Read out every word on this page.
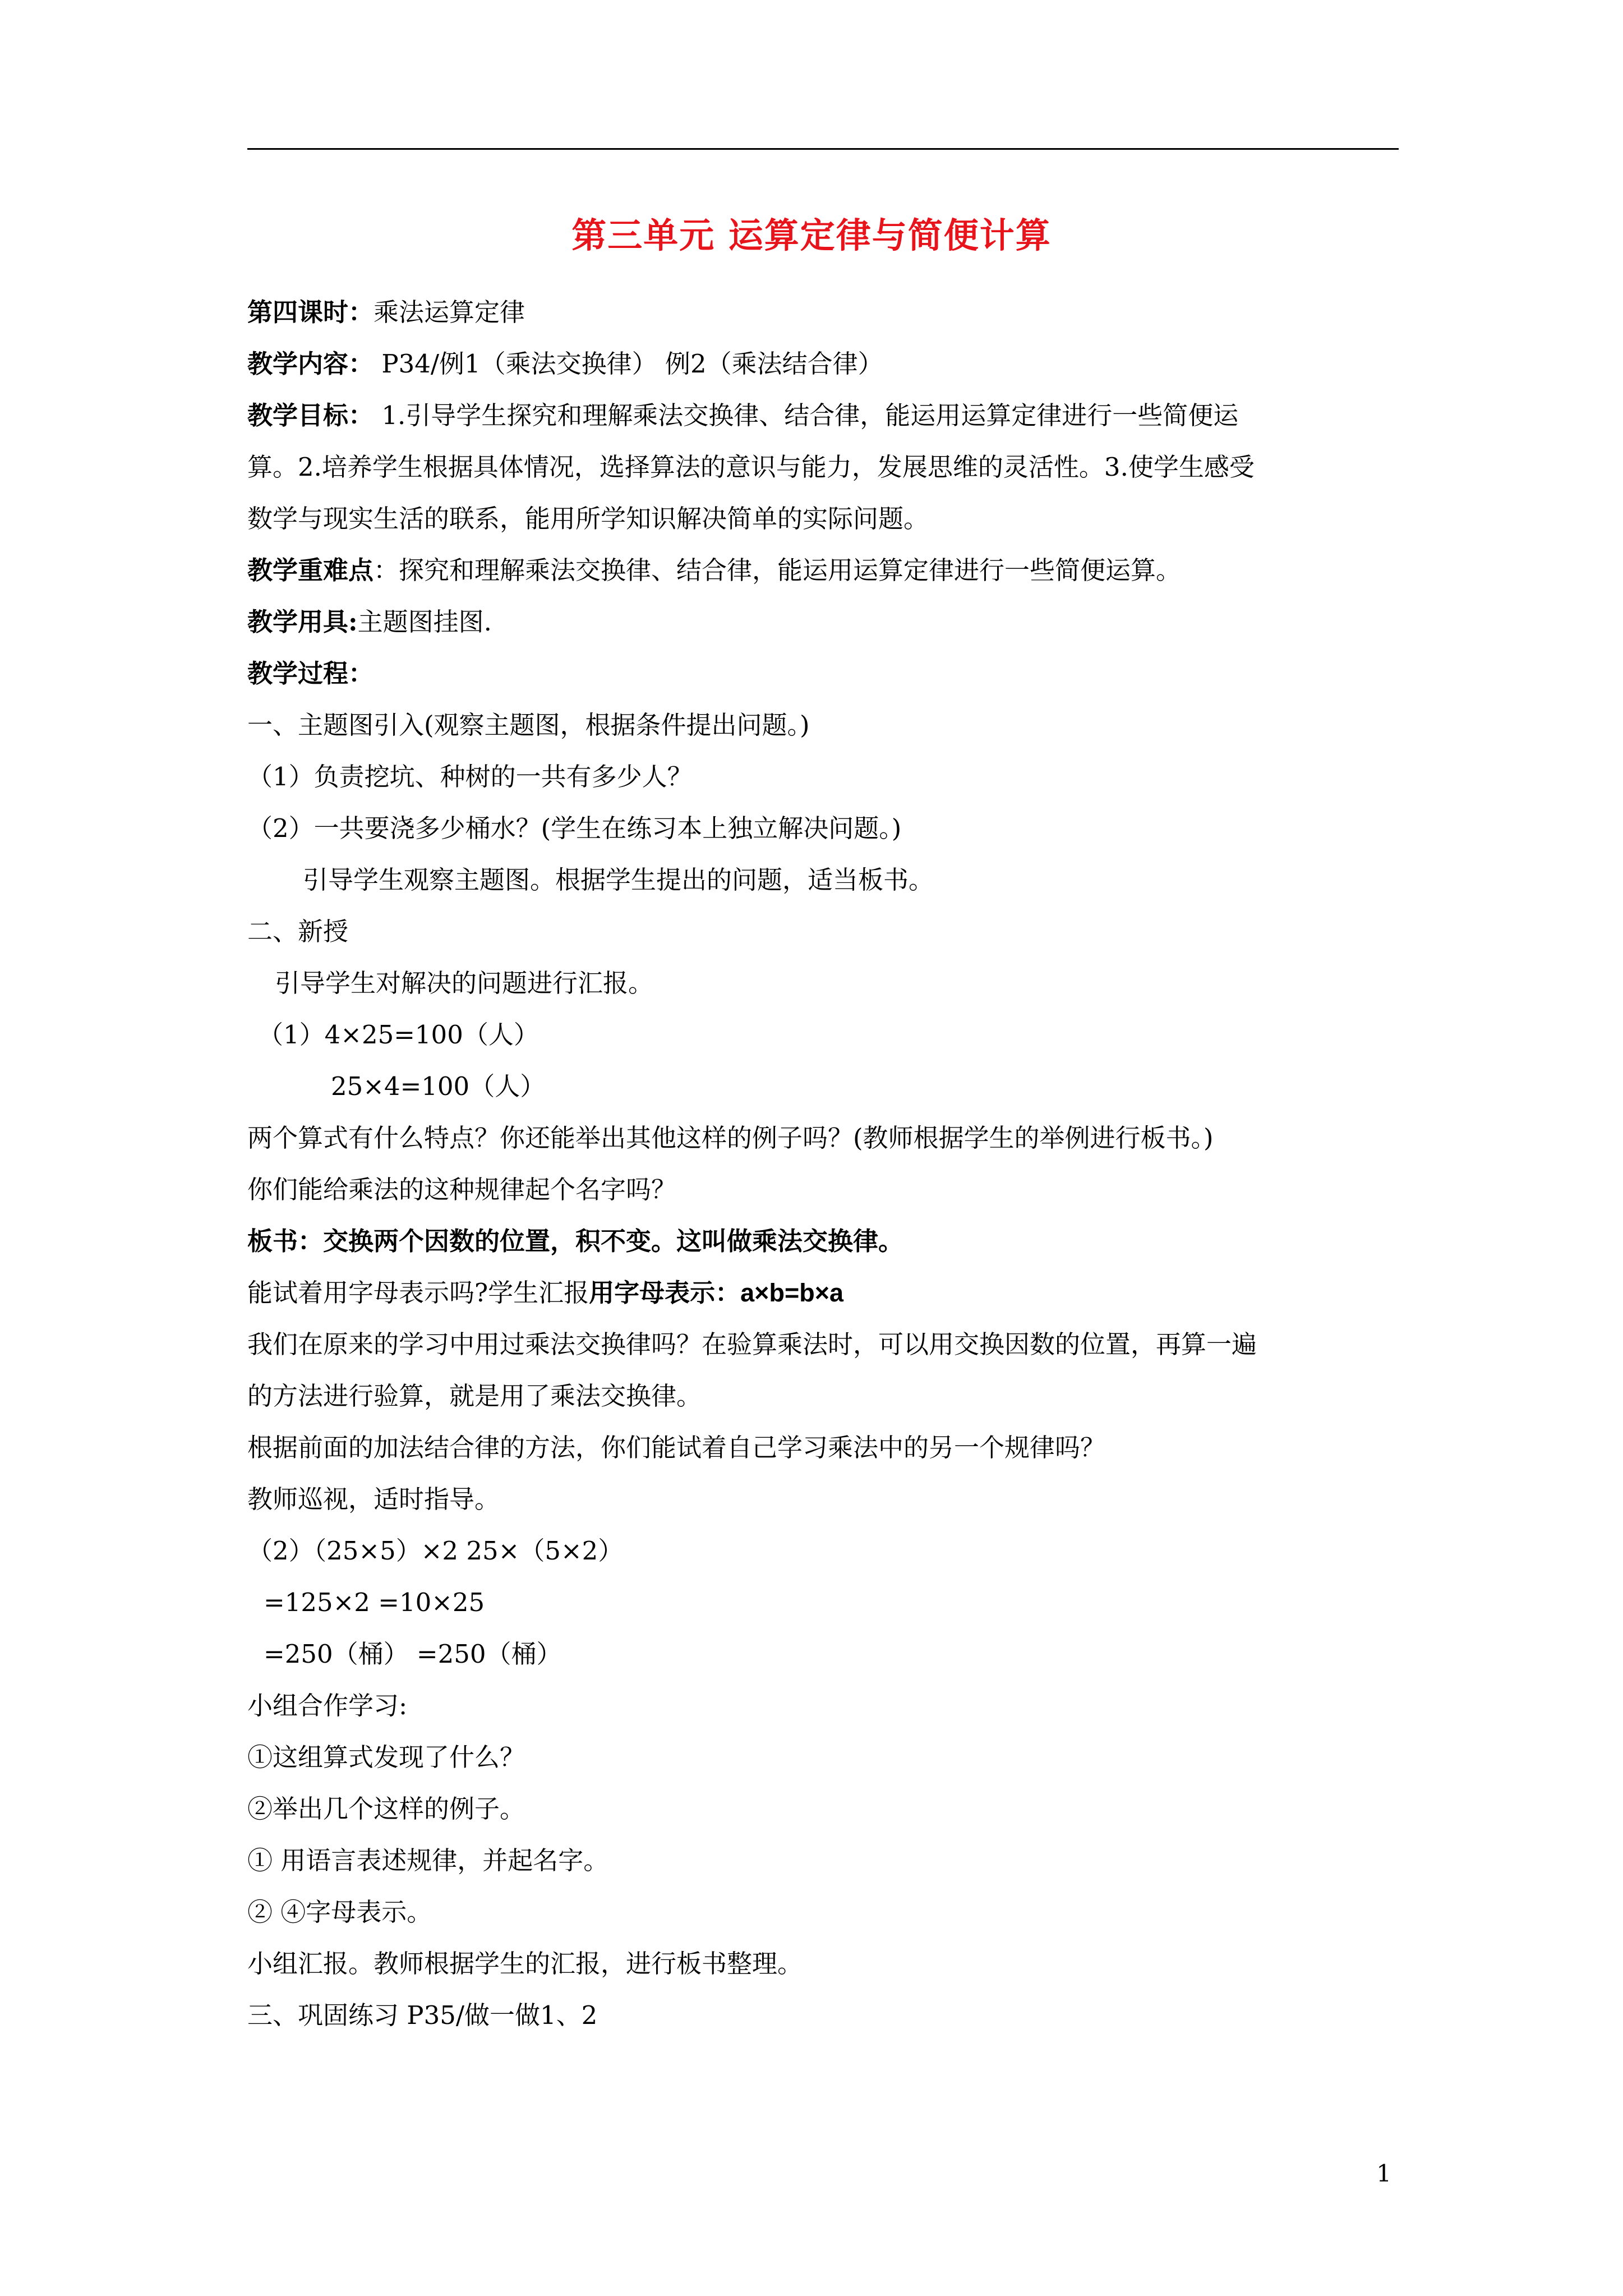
第三单元 运算定律与简便计算
第四课时：乘法运算定律
教学内容： P34/例1（乘法交换律） 例2（乘法结合律）
教学目标： 1.引导学生探究和理解乘法交换律、结合律，能运用运算定律进行一些简便运
算。2.培养学生根据具体情况，选择算法的意识与能力，发展思维的灵活性。3.使学生感受
数学与现实生活的联系，能用所学知识解决简单的实际问题。
教学重难点：探究和理解乘法交换律、结合律，能运用运算定律进行一些简便运算。
教学用具:主题图挂图.
教学过程：
一、主题图引入(观察主题图，根据条件提出问题。)
（1）负责挖坑、种树的一共有多少人？
（2）一共要浇多少桶水？(学生在练习本上独立解决问题。)
引导学生观察主题图。根据学生提出的问题，适当板书。
二、新授
引导学生对解决的问题进行汇报。
（1）4×25=100（人）
25×4=100（人）
两个算式有什么特点？你还能举出其他这样的例子吗？(教师根据学生的举例进行板书。)
你们能给乘法的这种规律起个名字吗？
板书：交换两个因数的位置，积不变。这叫做乘法交换律。
能试着用字母表示吗?学生汇报用字母表示：a×b=b×a
我们在原来的学习中用过乘法交换律吗？在验算乘法时，可以用交换因数的位置，再算一遍
的方法进行验算，就是用了乘法交换律。
根据前面的加法结合律的方法，你们能试着自己学习乘法中的另一个规律吗？
教师巡视，适时指导。
（2）（25×5）×2 25×（5×2）
=125×2 =10×25
=250（桶） =250（桶）
小组合作学习:
①这组算式发现了什么？
②举出几个这样的例子。
① 用语言表述规律，并起名字。
② ④字母表示。
小组汇报。教师根据学生的汇报，进行板书整理。
三、巩固练习 P35/做一做1、2
1
